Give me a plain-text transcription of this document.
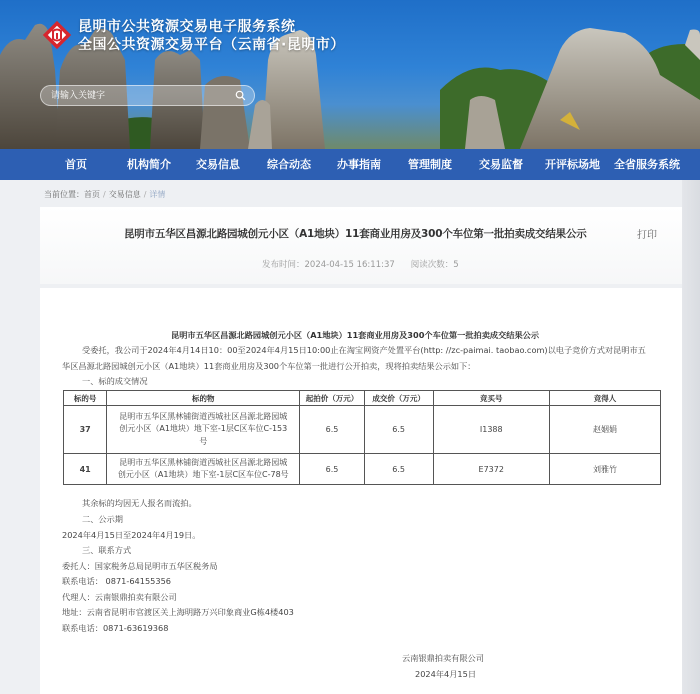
昆明市公共资源交易电子服务系统
全国公共资源交易平台（云南省·昆明市）
请输入关键字
首页	机构简介 交易信息 综合动态 办事指南 管理制度 交易监督 开评标场地 全省服务系统
当前位置：首页 / 交易信息 / 详情
昆明市五华区昌源北路园城创元小区（A1地块）11套商业用房及300个车位第一批拍卖成交结果公示	打印
发布时间：2024-04-15 16:11:37 阅读次数：5

昆明市五华区昌源北路园城创元小区（A1地块）11套商业用房及300个车位第一批拍卖成交结果公示

受委托，我公司于2024年4月14日10：00至2024年4月15日10:00止在淘宝网资产处置平台(http: //zc-paimai. taobao.com)以电子竞价方式对昆明市五

华区昌源北路园城创元小区（A1地块）11套商业用房及300个车位第一批进行公开拍卖，现将拍卖结果公示如下：

一、标的成交情况

标的号	标的物	起拍价（万元）	成交价（万元）	竞买号	竞得人
37	昆明市五华区黑林铺街道西城社区昌源北路园城
创元小区（A1地块）地下室-1层C区车位C-153
号	6.5	6.5	I1388	赵姻娟
41	昆明市五华区黑林铺街道西城社区昌源北路园城
创元小区（A1地块）地下室-1层C区车位C-78号	6.5	6.5	E7372	刘雅竹

其余标的均因无人报名而流拍。

二、公示期

2024年4月15日至2024年4月19日。

三、联系方式

委托人：国家税务总局昆明市五华区税务局

联系电话： 0871-64155356

代理人：云南银鼎拍卖有限公司

地址：云南省昆明市官渡区关上海明路万兴印象商业G栋4楼403

联系电话：0871-63619368

云南银鼎拍卖有限公司

2024年4月15日
